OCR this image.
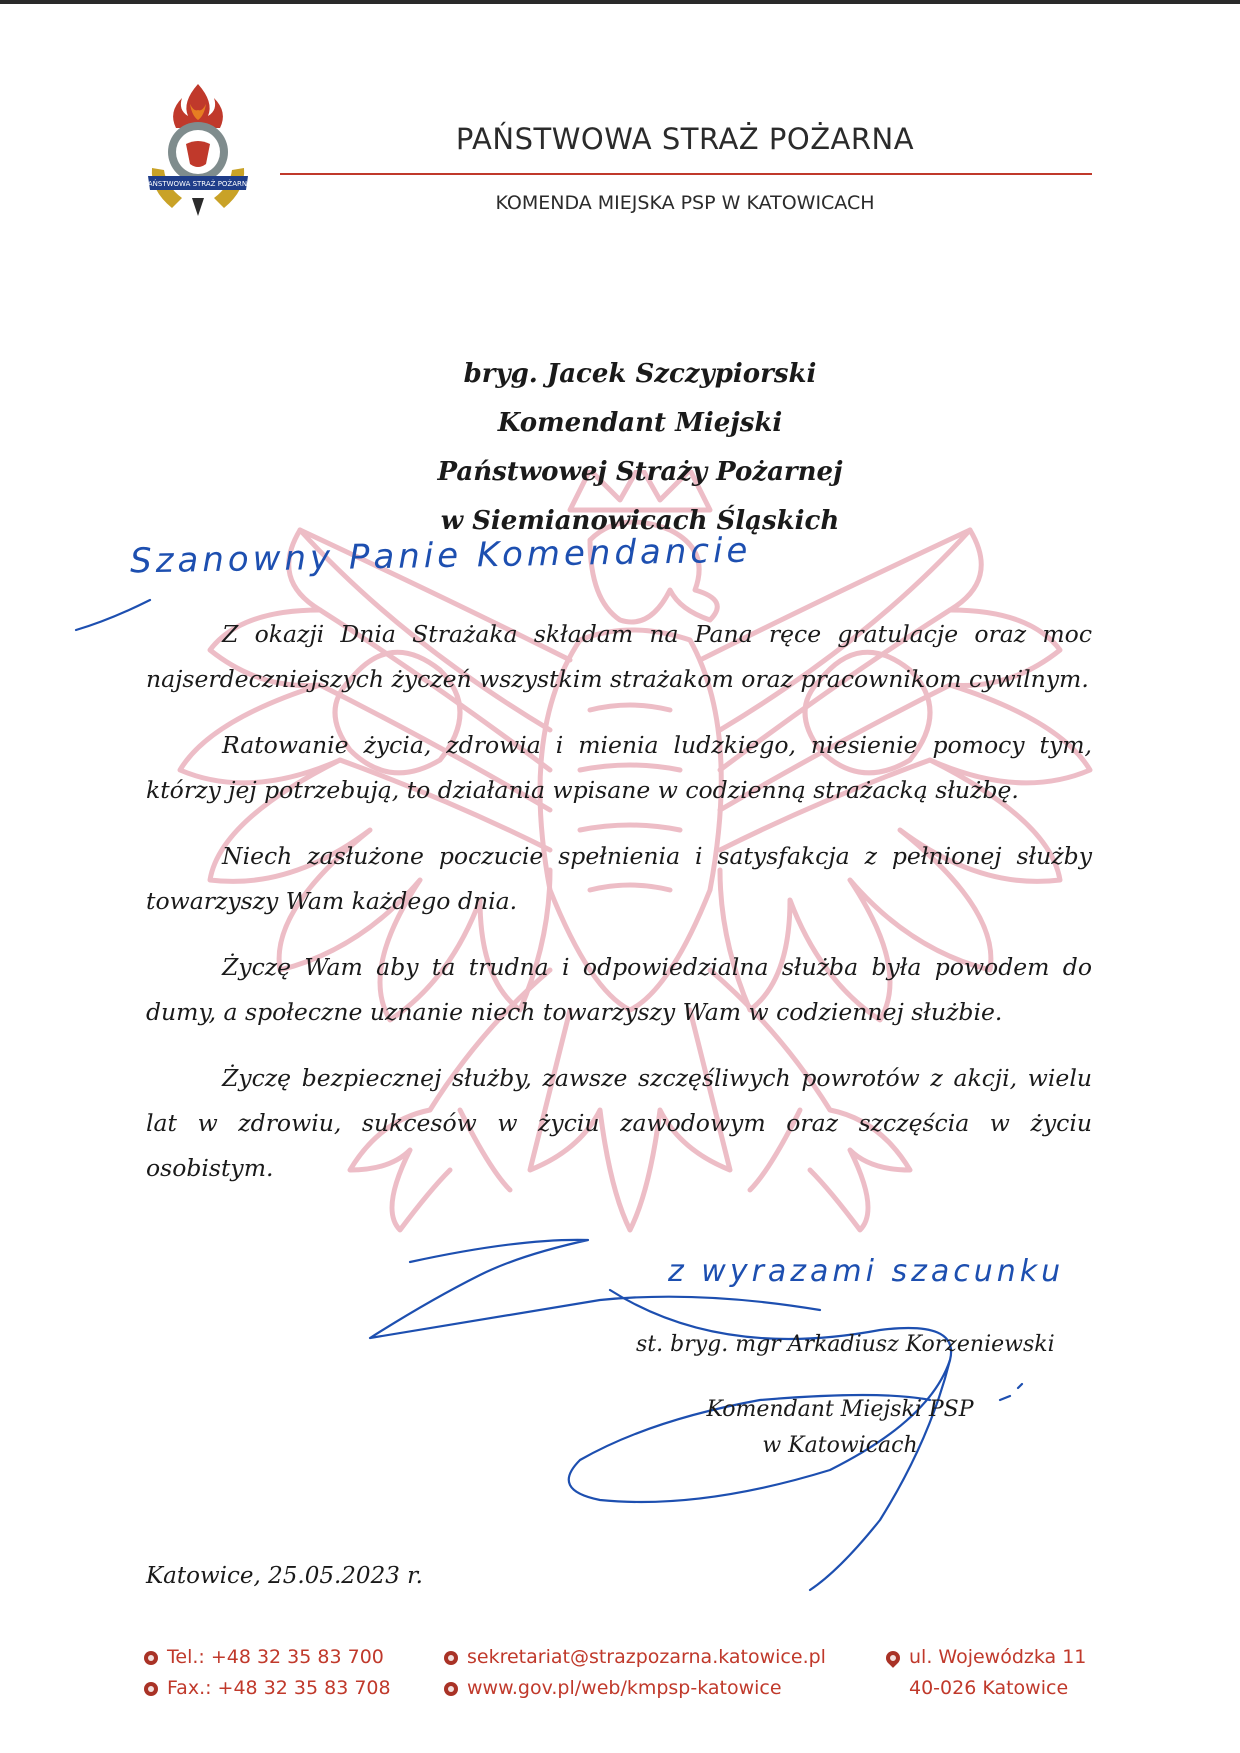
PAŃSTWOWA STRAŻ POŻARNA
PAŃSTWOWA STRAŻ POŻARNA
KOMENDA MIEJSKA PSP W KATOWICACH
bryg. Jacek Szczypiorski
Komendant Miejski
Państwowej Straży Pożarnej
w Siemianowicach Śląskich
Szanowny Panie Komendancie
z wyrazami szacunku

Z okazji Dnia Strażaka składam na Pana ręce gratulacje oraz moc najserdeczniejszych życzeń wszystkim strażakom oraz pracownikom cywilnym.

Ratowanie życia, zdrowia i mienia ludzkiego, niesienie pomocy tym, którzy jej potrzebują, to działania wpisane w codzienną strażacką służbę.

Niech zasłużone poczucie spełnienia i satysfakcja z pełnionej służby towarzyszy Wam każdego dnia.

Życzę Wam aby ta trudna i odpowiedzialna służba była powodem do dumy, a społeczne uznanie niech towarzyszy Wam w codziennej służbie.

Życzę bezpiecznej służby, zawsze szczęśliwych powrotów z akcji, wielu lat w zdrowiu, sukcesów w życiu zawodowym oraz szczęścia w życiu osobistym.

st. bryg. mgr Arkadiusz Korzeniewski
Komendant Miejski PSP
w Katowicach
Katowice, 25.05.2023 r.
Tel.: +48 32 35 83 700
Fax.: +48 32 35 83 708
sekretariat@strazpozarna.katowice.pl
www.gov.pl/web/kmpsp-katowice
ul. Wojewódzka 11
40-026 Katowice
